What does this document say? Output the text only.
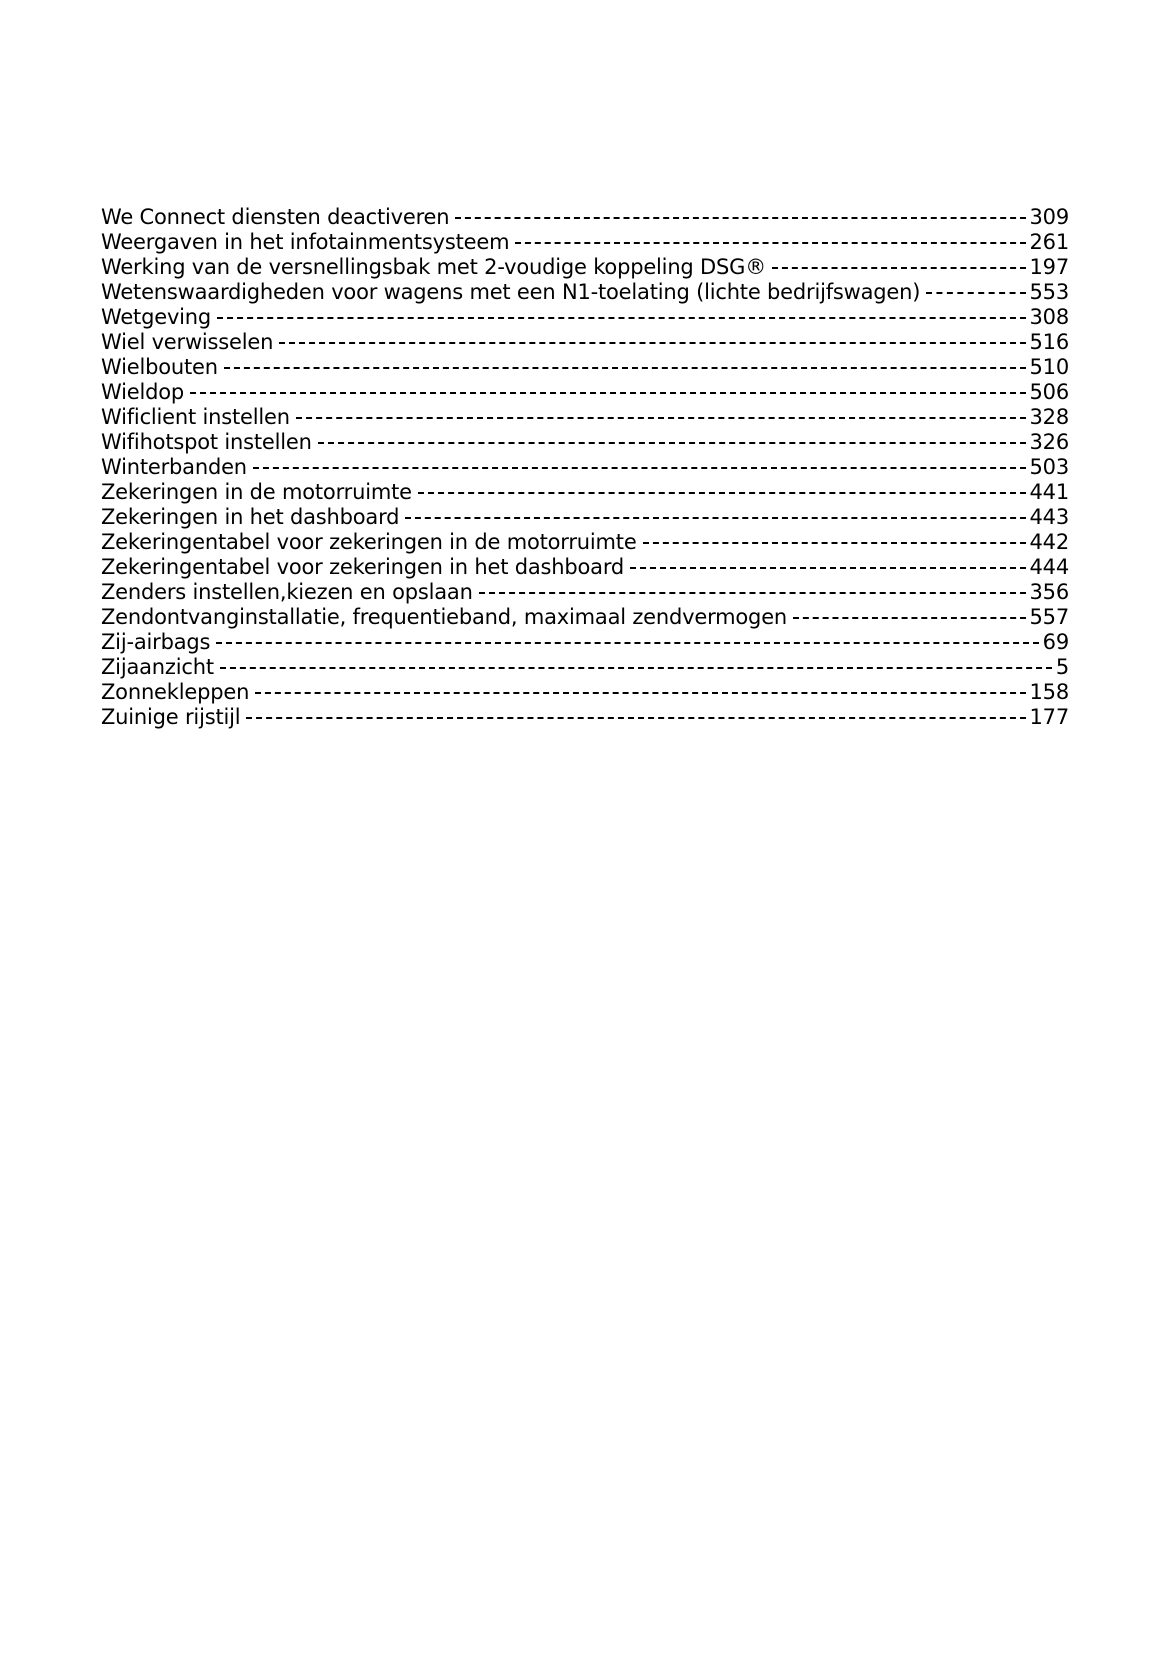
We Connect diensten deactiveren	309
Weergaven in het infotainmentsysteem	261
Werking van de versnellingsbak met 2-voudige koppeling DSG®	197
Wetenswaardigheden voor wagens met een N1-toelating (lichte bedrijfswagen)	553
Wetgeving	308
Wiel verwisselen	516
Wielbouten	510
Wieldop	506
Wificlient instellen	328
Wifihotspot instellen	326
Winterbanden	503
Zekeringen in de motorruimte	441
Zekeringen in het dashboard	443
Zekeringentabel voor zekeringen in de motorruimte	442
Zekeringentabel voor zekeringen in het dashboard	444
Zenders instellen,kiezen en opslaan	356
Zendontvanginstallatie, frequentieband, maximaal zendvermogen	557
Zij-airbags	69
Zijaanzicht	5
Zonnekleppen	158
Zuinige rijstijl	177
